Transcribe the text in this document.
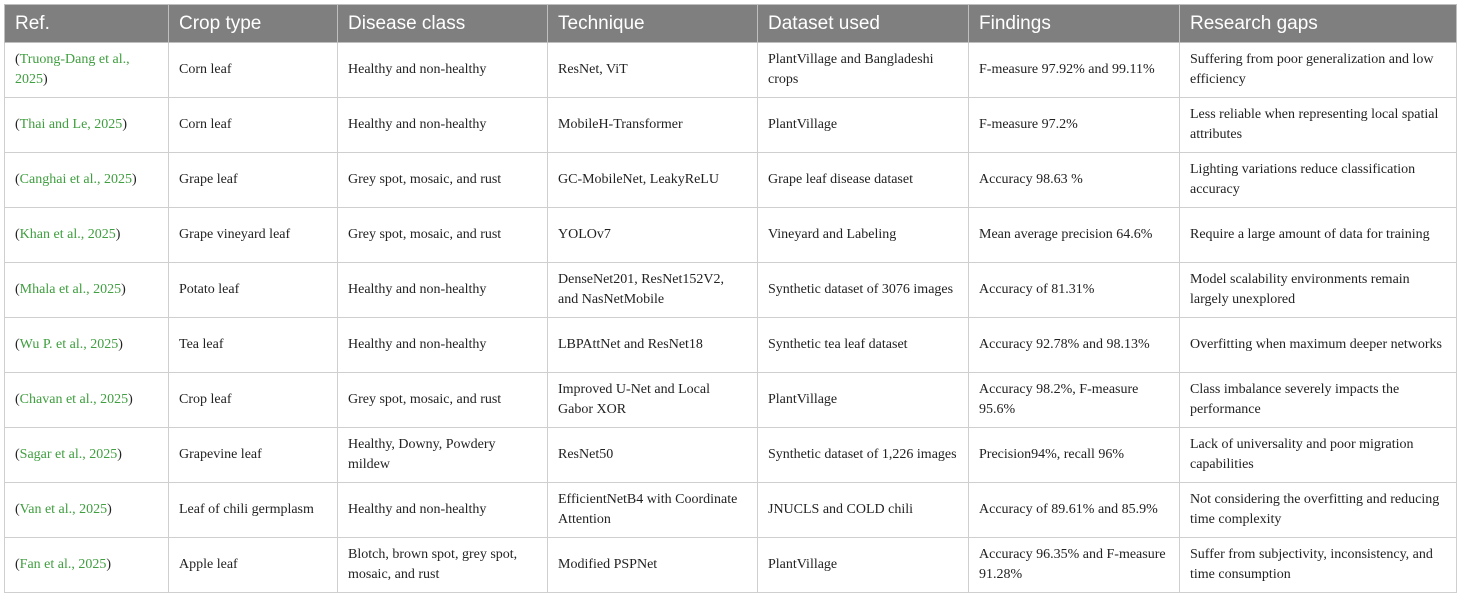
Ref.	Crop type	Disease class	Technique	Dataset used	Findings	Research gaps
(Truong-Dang et al., 2025)	Corn leaf	Healthy and non-healthy	ResNet, ViT	PlantVillage and Bangladeshi crops	F-measure 97.92% and 99.11%	Suffering from poor generalization and low efficiency
(Thai and Le, 2025)	Corn leaf	Healthy and non-healthy	MobileH-Transformer	PlantVillage	F-measure 97.2%	Less reliable when representing local spatial attributes
(Canghai et al., 2025)	Grape leaf	Grey spot, mosaic, and rust	GC-MobileNet, LeakyReLU	Grape leaf disease dataset	Accuracy 98.63 %	Lighting variations reduce classification accuracy
(Khan et al., 2025)	Grape vineyard leaf	Grey spot, mosaic, and rust	YOLOv7	Vineyard and Labeling	Mean average precision 64.6%	Require a large amount of data for training
(Mhala et al., 2025)	Potato leaf	Healthy and non-healthy	DenseNet201, ResNet152V2, and NasNetMobile	Synthetic dataset of 3076 images	Accuracy of 81.31%	Model scalability environments remain largely unexplored
(Wu P. et al., 2025)	Tea leaf	Healthy and non-healthy	LBPAttNet and ResNet18	Synthetic tea leaf dataset	Accuracy 92.78% and 98.13%	Overfitting when maximum deeper networks
(Chavan et al., 2025)	Crop leaf	Grey spot, mosaic, and rust	Improved U-Net and Local Gabor XOR	PlantVillage	Accuracy 98.2%, F-measure 95.6%	Class imbalance severely impacts the performance
(Sagar et al., 2025)	Grapevine leaf	Healthy, Downy, Powdery mildew	ResNet50	Synthetic dataset of 1,226 images	Precision94%, recall 96%	Lack of universality and poor migration capabilities
(Van et al., 2025)	Leaf of chili germplasm	Healthy and non-healthy	EfficientNetB4 with Coordinate Attention	JNUCLS and COLD chili	Accuracy of 89.61% and 85.9%	Not considering the overfitting and reducing time complexity
(Fan et al., 2025)	Apple leaf	Blotch, brown spot, grey spot, mosaic, and rust	Modified PSPNet	PlantVillage	Accuracy 96.35% and F-measure 91.28%	Suffer from subjectivity, inconsistency, and time consumption
